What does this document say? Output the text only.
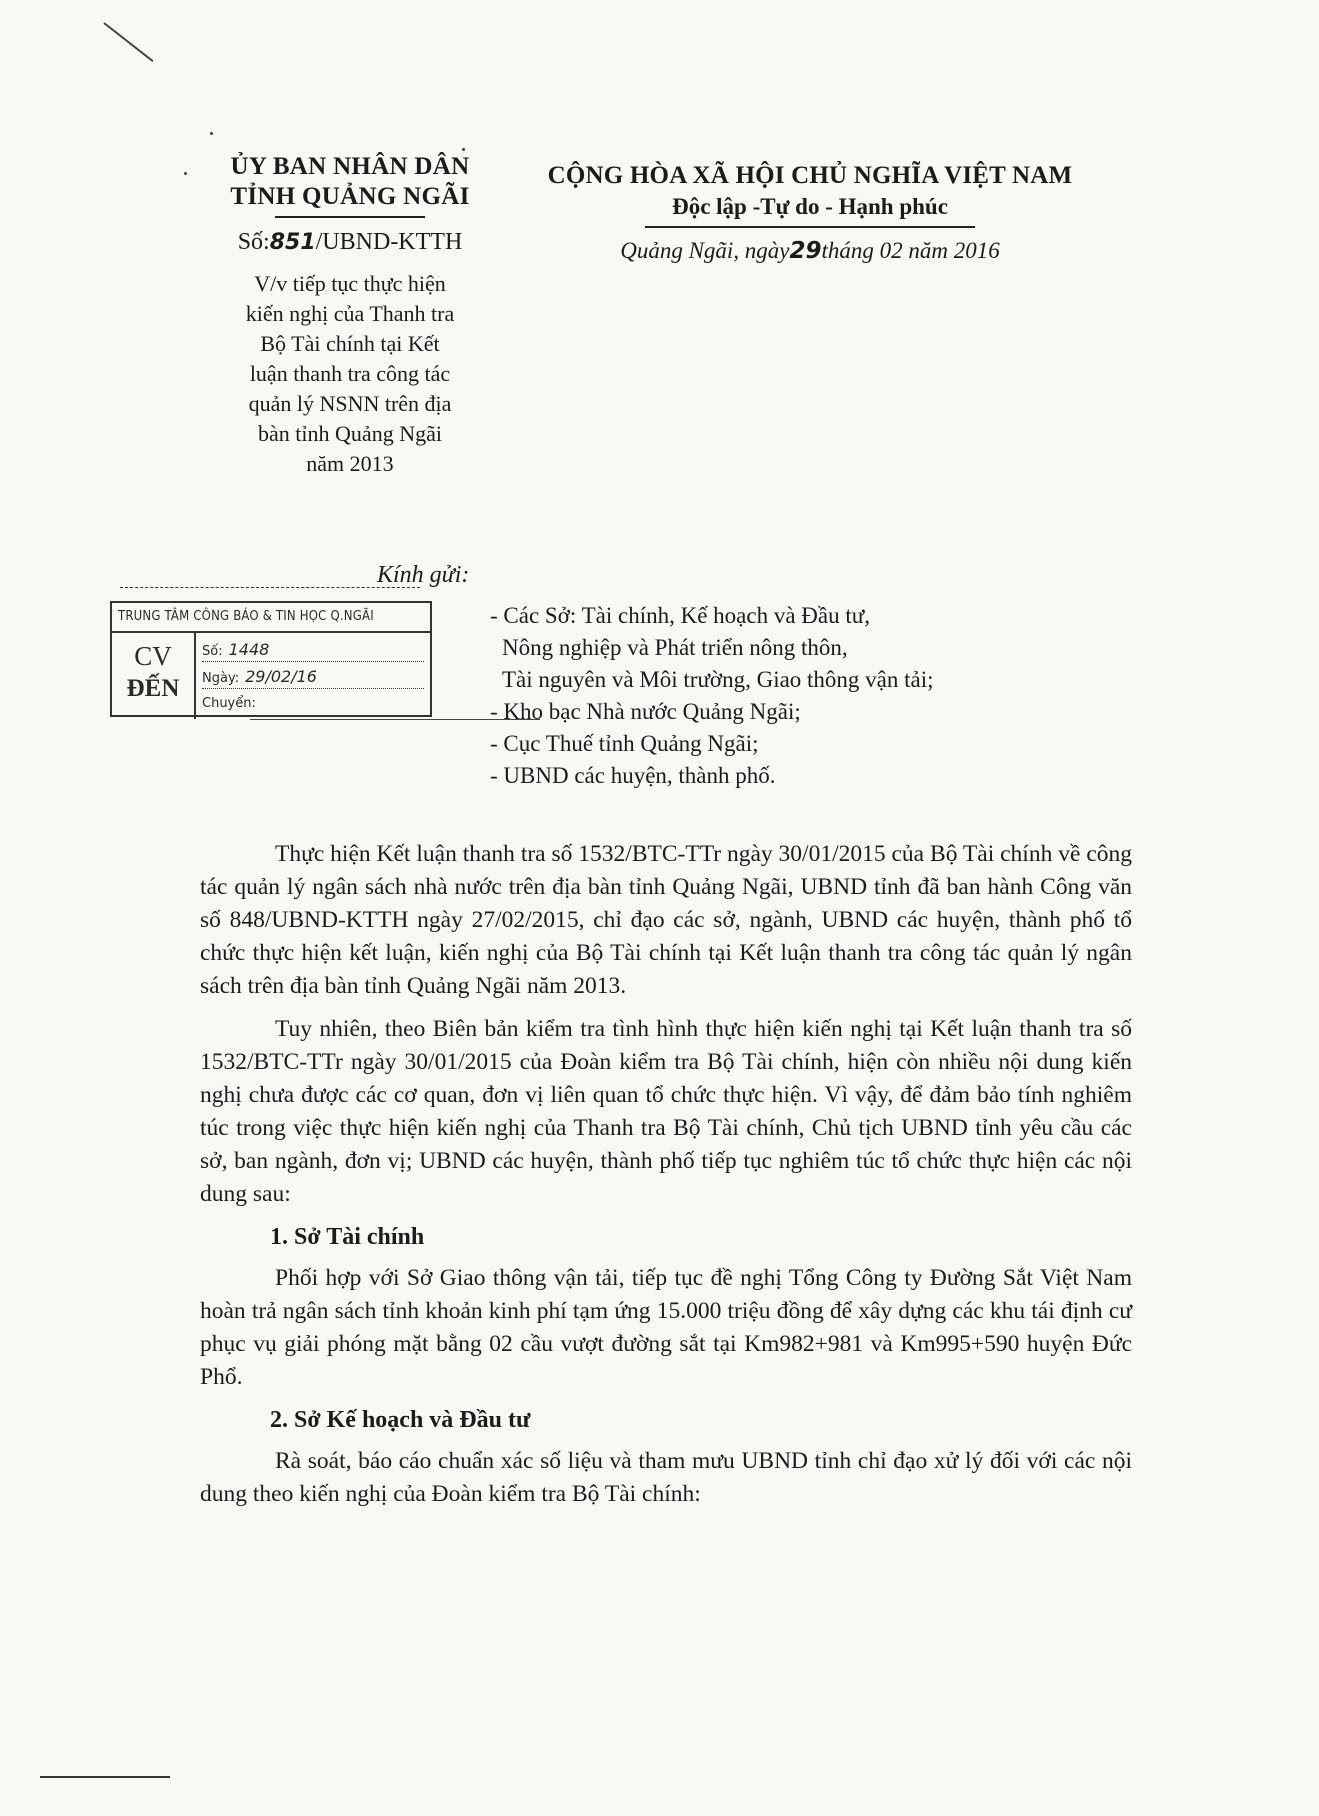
ỦY BAN NHÂN DÂN
TỈNH QUẢNG NGÃI
Số:851/UBND-KTTH
V/v tiếp tục thực hiện
kiến nghị của Thanh tra
Bộ Tài chính tại Kết
luận thanh tra công tác
quản lý NSNN trên địa
bàn tỉnh Quảng Ngãi
năm 2013
CỘNG HÒA XÃ HỘI CHỦ NGHĨA VIỆT NAM
Độc lập -Tự do - Hạnh phúc
Quảng Ngãi, ngày29tháng 02 năm 2016
Kính gửi:
TRUNG TÂM CÔNG BÁO & TIN HỌC Q.NGÃI
CV
ĐẾN
Số: 1448
Ngày: 29/02/16
Chuyển:
- Các Sở: Tài chính, Kế hoạch và Đầu tư,
Nông nghiệp và Phát triển nông thôn,
Tài nguyên và Môi trường, Giao thông vận tải;
- Kho bạc Nhà nước Quảng Ngãi;
- Cục Thuế tỉnh Quảng Ngãi;
- UBND các huyện, thành phố.

Thực hiện Kết luận thanh tra số 1532/BTC-TTr ngày 30/01/2015 của Bộ Tài chính về công tác quản lý ngân sách nhà nước trên địa bàn tỉnh Quảng Ngãi, UBND tỉnh đã ban hành Công văn số 848/UBND-KTTH ngày 27/02/2015, chỉ đạo các sở, ngành, UBND các huyện, thành phố tổ chức thực hiện kết luận, kiến nghị của Bộ Tài chính tại Kết luận thanh tra công tác quản lý ngân sách trên địa bàn tỉnh Quảng Ngãi năm 2013.

Tuy nhiên, theo Biên bản kiểm tra tình hình thực hiện kiến nghị tại Kết luận thanh tra số 1532/BTC-TTr ngày 30/01/2015 của Đoàn kiểm tra Bộ Tài chính, hiện còn nhiều nội dung kiến nghị chưa được các cơ quan, đơn vị liên quan tổ chức thực hiện. Vì vậy, để đảm bảo tính nghiêm túc trong việc thực hiện kiến nghị của Thanh tra Bộ Tài chính, Chủ tịch UBND tỉnh yêu cầu các sở, ban ngành, đơn vị; UBND các huyện, thành phố tiếp tục nghiêm túc tổ chức thực hiện các nội dung sau:

1. Sở Tài chính

Phối hợp với Sở Giao thông vận tải, tiếp tục đề nghị Tổng Công ty Đường Sắt Việt Nam hoàn trả ngân sách tỉnh khoản kinh phí tạm ứng 15.000 triệu đồng để xây dựng các khu tái định cư phục vụ giải phóng mặt bằng 02 cầu vượt đường sắt tại Km982+981 và Km995+590 huyện Đức Phổ.

2. Sở Kế hoạch và Đầu tư

Rà soát, báo cáo chuẩn xác số liệu và tham mưu UBND tỉnh chỉ đạo xử lý đối với các nội dung theo kiến nghị của Đoàn kiểm tra Bộ Tài chính:
